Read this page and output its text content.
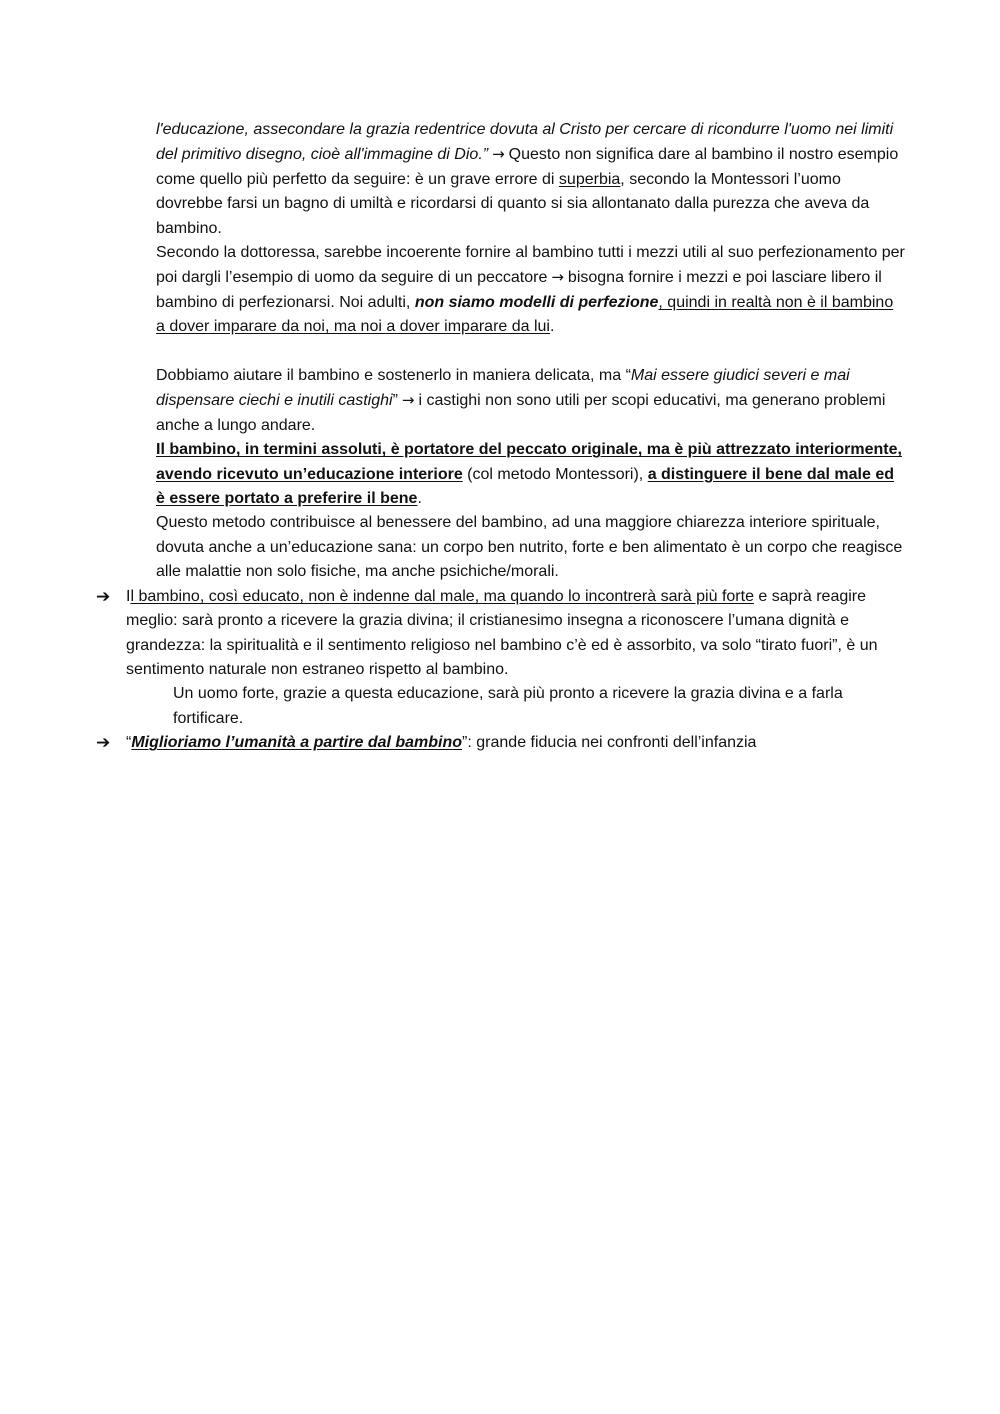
l'educazione, assecondare la grazia redentrice dovuta al Cristo per cercare di ricondurre l'uomo nei limiti del primitivo disegno, cioè all'immagine di Dio.” → Questo non significa dare al bambino il nostro esempio come quello più perfetto da seguire: è un grave errore di superbia, secondo la Montessori l’uomo dovrebbe farsi un bagno di umiltà e ricordarsi di quanto si sia allontanato dalla purezza che aveva da bambino.

Secondo la dottoressa, sarebbe incoerente fornire al bambino tutti i mezzi utili al suo perfezionamento per poi dargli l’esempio di uomo da seguire di un peccatore → bisogna fornire i mezzi e poi lasciare libero il bambino di perfezionarsi. Noi adulti, non siamo modelli di perfezione, quindi in realtà non è il bambino a dover imparare da noi, ma noi a dover imparare da lui.

Dobbiamo aiutare il bambino e sostenerlo in maniera delicata, ma “Mai essere giudici severi e mai dispensare ciechi e inutili castighi” → i castighi non sono utili per scopi educativi, ma generano problemi anche a lungo andare.

Il bambino, in termini assoluti, è portatore del peccato originale, ma è più attrezzato interiormente, avendo ricevuto un’educazione interiore (col metodo Montessori), a distinguere il bene dal male ed è essere portato a preferire il bene.

Questo metodo contribuisce al benessere del bambino, ad una maggiore chiarezza interiore spirituale, dovuta anche a un’educazione sana: un corpo ben nutrito, forte e ben alimentato è un corpo che reagisce alle malattie non solo fisiche, ma anche psichiche/morali.

➔ Il bambino, così educato, non è indenne dal male, ma quando lo incontrerà sarà più forte e saprà reagire meglio: sarà pronto a ricevere la grazia divina; il cristianesimo insegna a riconoscere l’umana dignità e grandezza: la spiritualità e il sentimento religioso nel bambino c’è ed è assorbito, va solo “tirato fuori”, è un sentimento naturale non estraneo rispetto al bambino.

Un uomo forte, grazie a questa educazione, sarà più pronto a ricevere la grazia divina e a farla fortificare.

➔ “Miglioriamo l’umanità a partire dal bambino”: grande fiducia nei confronti dell’infanzia
